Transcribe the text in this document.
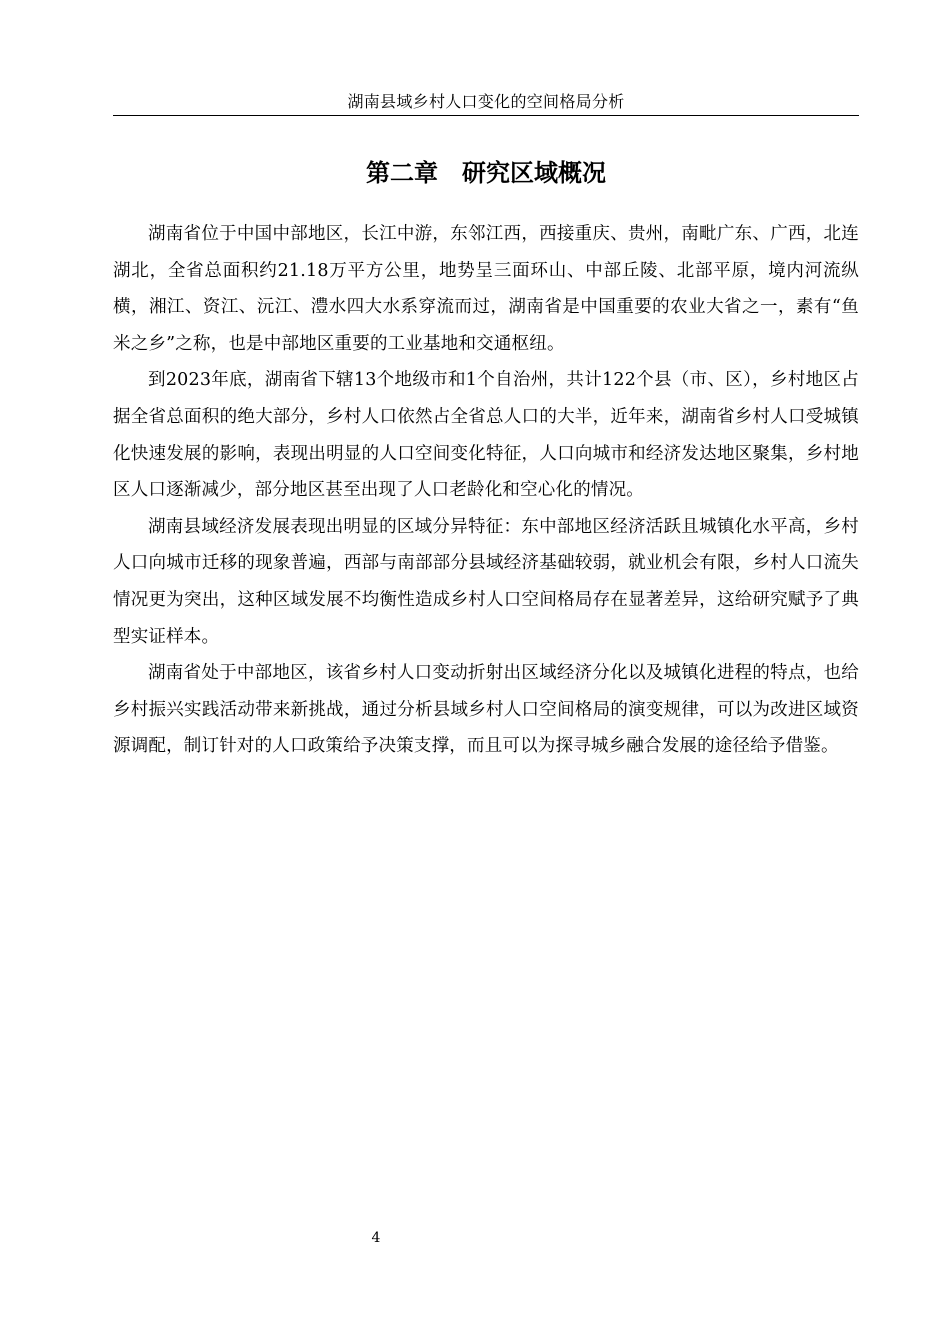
湖南县域乡村人口变化的空间格局分析
第二章　研究区域概况

湖南省位于中国中部地区，长江中游，东邻江西，西接重庆、贵州，南毗广东、广西，北连湖北，全省总面积约21.18万平方公里，地势呈三面环山、中部丘陵、北部平原，境内河流纵横，湘江、资江、沅江、澧水四大水系穿流而过，湖南省是中国重要的农业大省之一，素有“鱼米之乡”之称，也是中部地区重要的工业基地和交通枢纽。

到2023年底，湖南省下辖13个地级市和1个自治州，共计122个县（市、区），乡村地区占据全省总面积的绝大部分，乡村人口依然占全省总人口的大半，近年来，湖南省乡村人口受城镇化快速发展的影响，表现出明显的人口空间变化特征，人口向城市和经济发达地区聚集，乡村地区人口逐渐减少，部分地区甚至出现了人口老龄化和空心化的情况。

湖南县域经济发展表现出明显的区域分异特征：东中部地区经济活跃且城镇化水平高，乡村人口向城市迁移的现象普遍，西部与南部部分县域经济基础较弱，就业机会有限，乡村人口流失情况更为突出，这种区域发展不均衡性造成乡村人口空间格局存在显著差异，这给研究赋予了典型实证样本。

湖南省处于中部地区，该省乡村人口变动折射出区域经济分化以及城镇化进程的特点，也给乡村振兴实践活动带来新挑战，通过分析县域乡村人口空间格局的演变规律，可以为改进区域资源调配，制订针对的人口政策给予决策支撑，而且可以为探寻城乡融合发展的途径给予借鉴。

4
